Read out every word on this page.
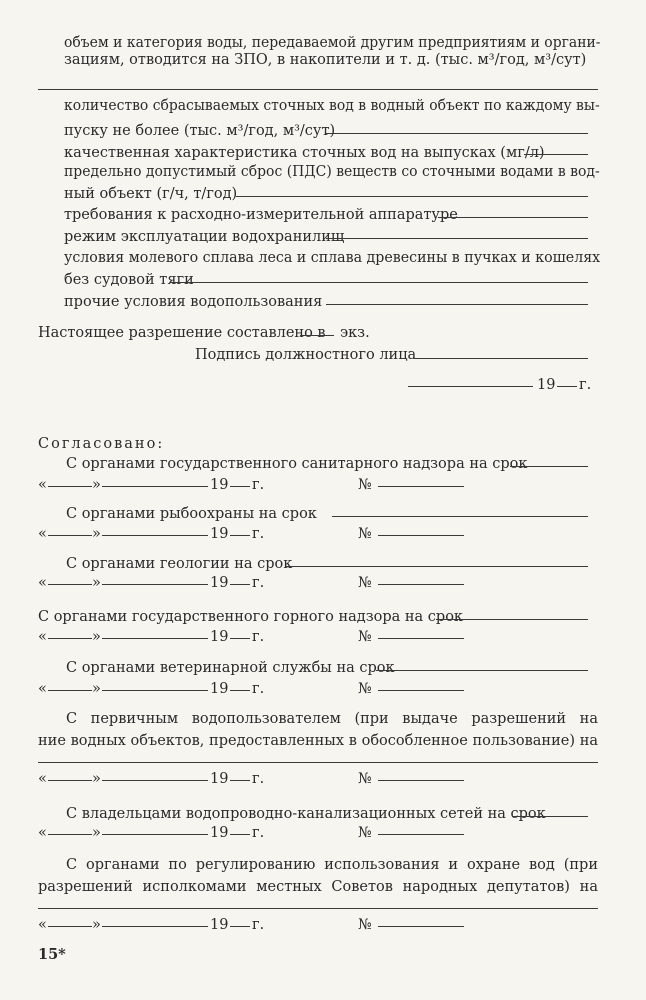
объем и категория воды, передаваемой другим предприятиям и органи-
зациям, отводится на ЗПО, в накопители и т. д. (тыс. м³/год, м³/сут)
количество сбрасываемых сточных вод в водный объект по каждому вы-
пуску не более (тыс. м³/год, м³/сут)
качественная характеристика сточных вод на выпусках (мг/л)
предельно допустимый сброс (ПДС) веществ со сточными водами в вод-
ный объект (г/ч, т/год)
требования к расходно-измерительной аппаратуре
режим эксплуатации водохранилищ
условия молевого сплава леса и сплава древесины в пучках и кошелях
без судовой тяги
прочие условия водопользования
Настоящее разрешение составлено в экз.
Подпись должностного лица
19 г.
Согласовано:
С органами государственного санитарного надзора на срок
«	»	19 г.	№
С органами рыбоохраны на срок
«	»	19 г.	№
С органами геологии на срок
«	»	19 г.	№
С органами государственного горного надзора на срок
«	»	19 г.	№
С органами ветеринарной службы на срок
«	»	19 г.	№
С первичным водопользователем (при выдаче разрешений на
ние водных объектов, предоставленных в обособленное пользование) на
«	»	19 г.	№
С владельцами водопроводно-канализационных сетей на срок
«	»	19 г.	№
С органами по регулированию использования и охране вод (при
разрешений исполкомами местных Советов народных депутатов) на
«	»	19 г.	№
15*
